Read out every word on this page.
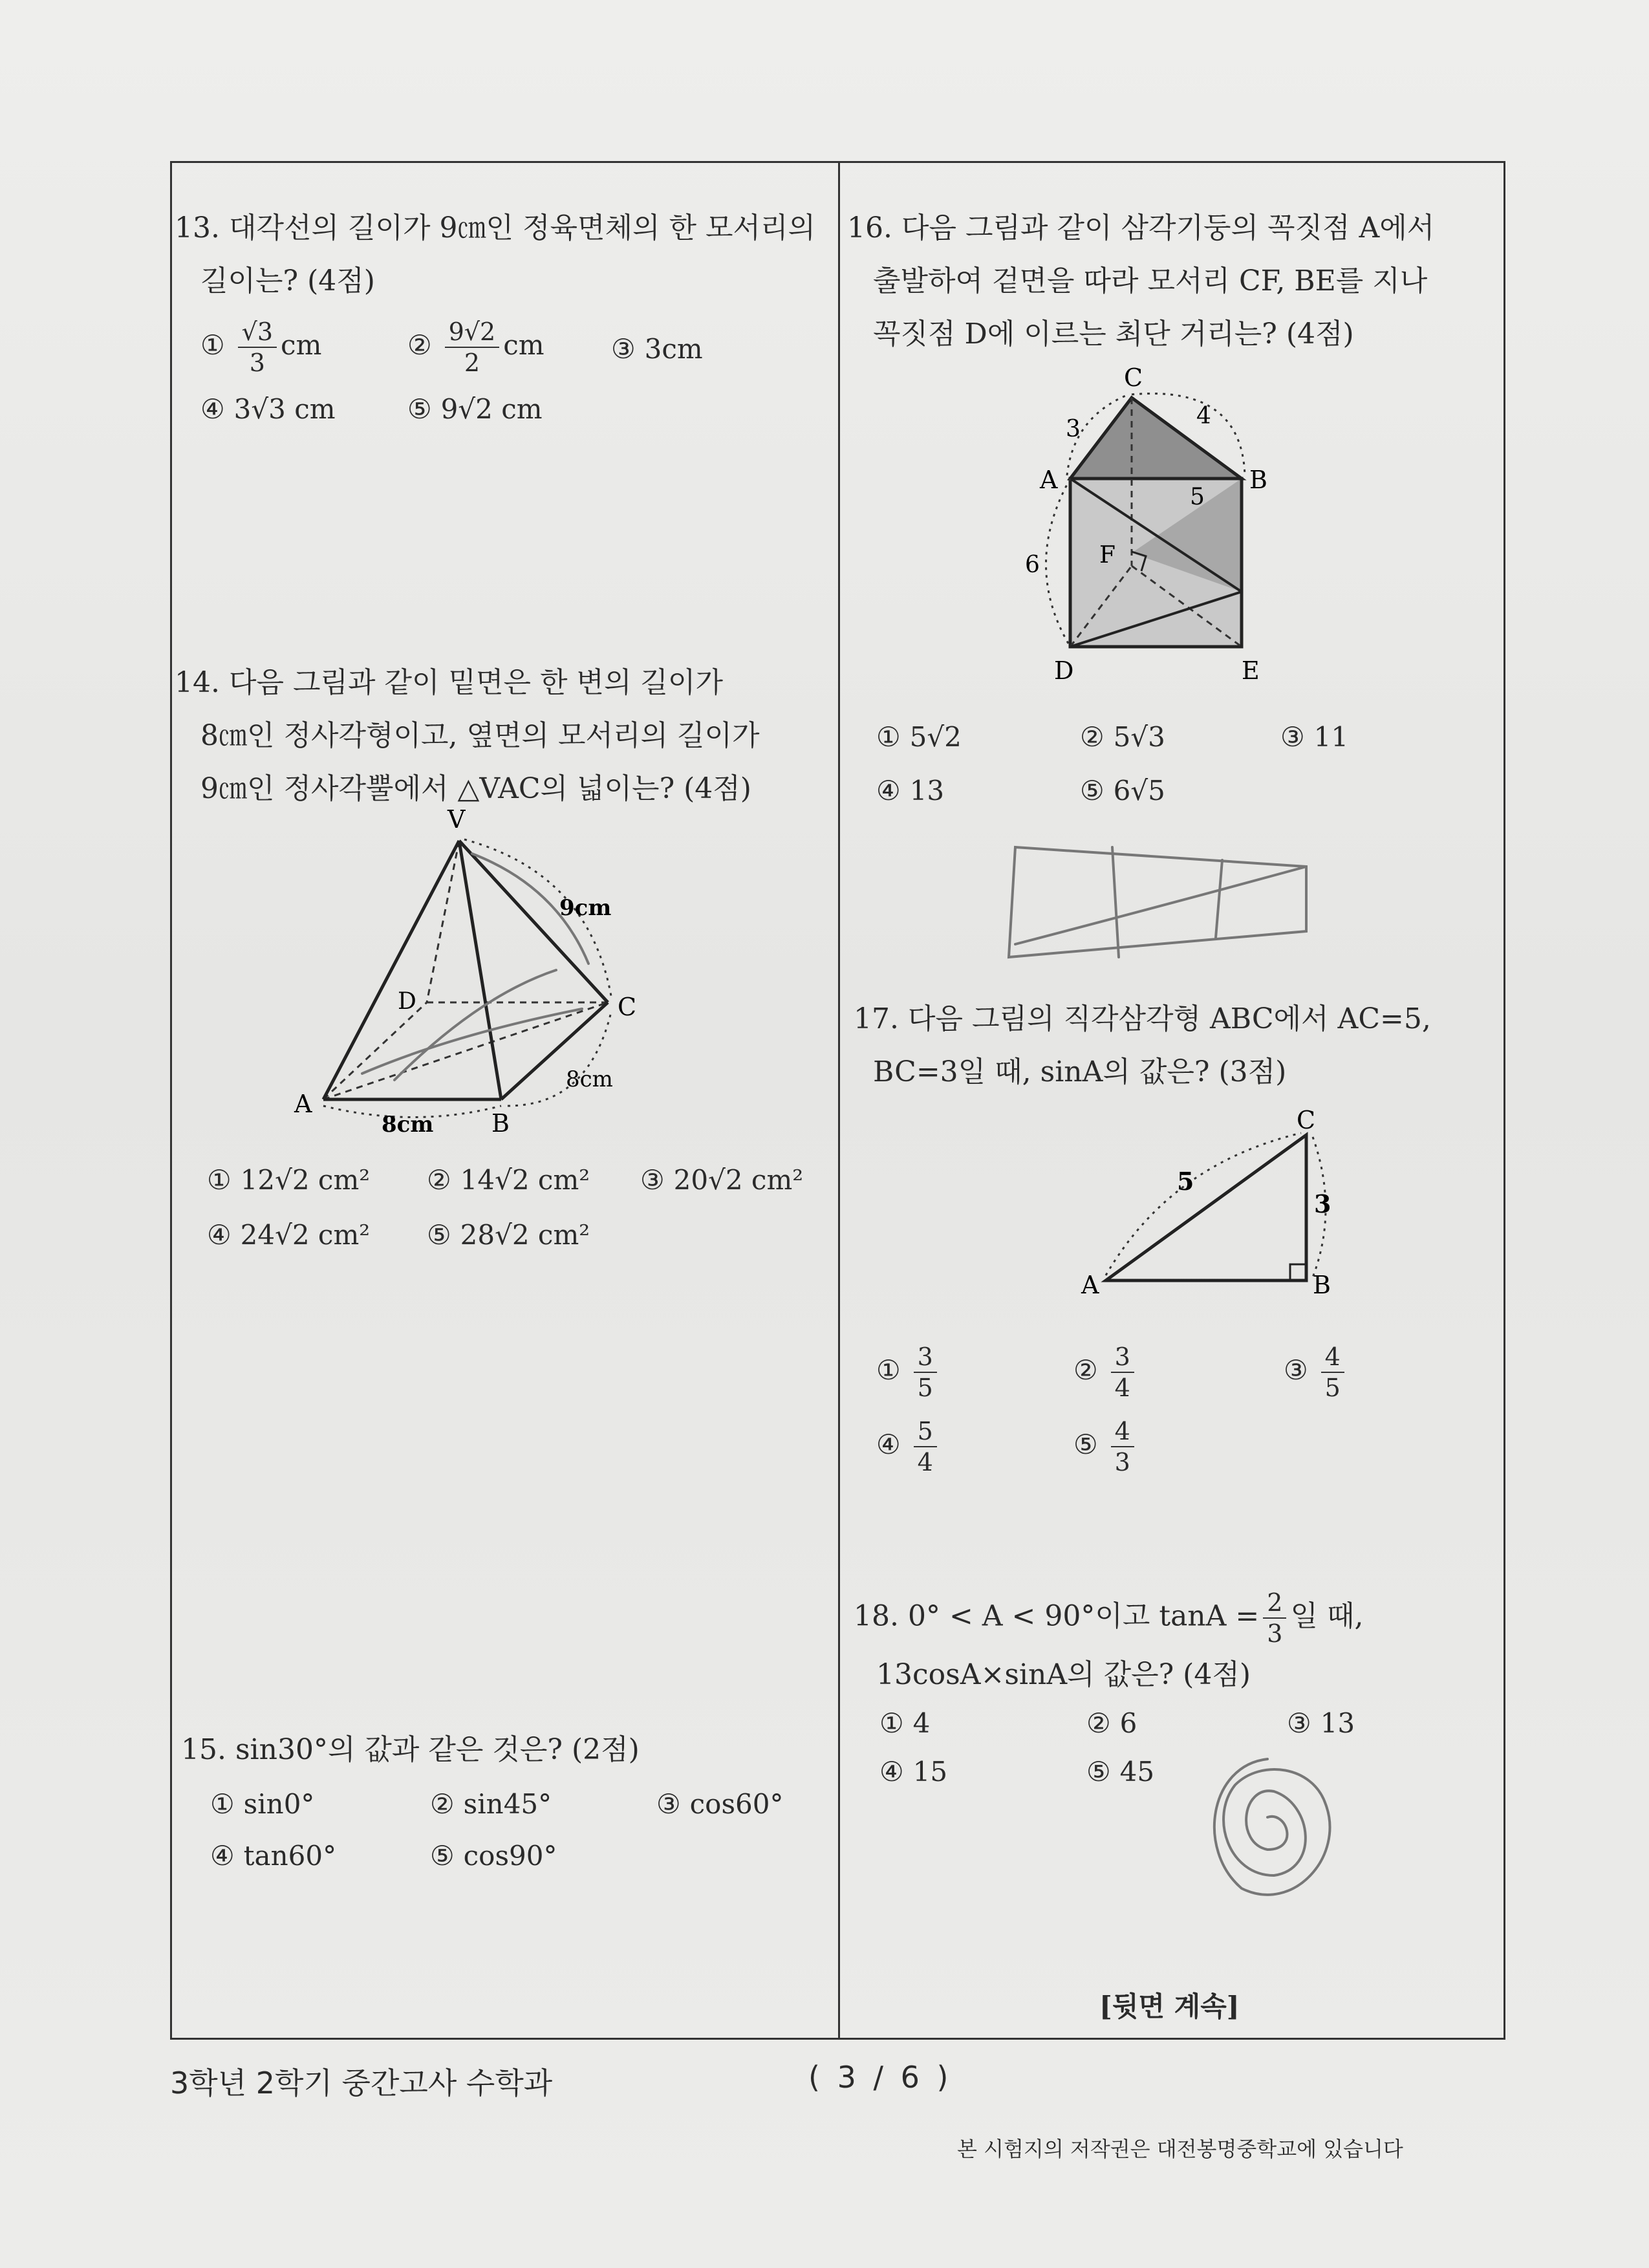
13. 대각선의 길이가 9㎝인 정육면체의 한 모서리의
길이는? (4점)
① $\frac{√3}{3}$ cm	② $\frac{9√2}{2}$ cm ③ 3cm
④ 3√3 cm	⑤ 9√2 cm
14. 다음 그림과 같이 밑면은 한 변의 길이가
8㎝인 정사각형이고, 옆면의 모서리의 길이가
9㎝인 정사각뿔에서 △VAC의 넓이는? (4점)
V
D	C
A
B
9cm
8cm
8cm
① 12√2 cm² ② 14√2 cm² ③ 20√2 cm²
④ 24√2 cm² ⑤ 28√2 cm²
15. sin30°의 값과 같은 것은? (2점)
① sin0°	② sin45°	③ cos60°
④ tan60°	⑤ cos90°
16. 다음 그림과 같이 삼각기둥의 꼭짓점 A에서
출발하여 겉면을 따라 모서리 CF, BE를 지나
꼭짓점 D에 이르는 최단 거리는? (4점)
C
A	B
F
D	E
3	4
5
6
① 5√2	② 5√3	③ 11
④ 13	⑤ 6√5
17. 다음 그림의 직각삼각형 ABC에서 AC=5,
BC=3일 때, sinA의 값은? (3점)
C
A	B
5
3
① $\frac{3}{5}$	② $\frac{3}{4}$	③ $\frac{4}{5}$
④ $\frac{5}{4}$	⑤ $\frac{4}{3}$
18. 0° < A < 90°이고 $\tan A = \frac{2}{3}$ 일 때,
13cosA×sinA의 값은? (4점)
① 4	② 6	③ 13
④ 15	⑤ 45
[뒷면 계속]
3학년 2학기 중간고사 수학과	( 3 / 6 )
본 시험지의 저작권은 대전봉명중학교에 있습니다
